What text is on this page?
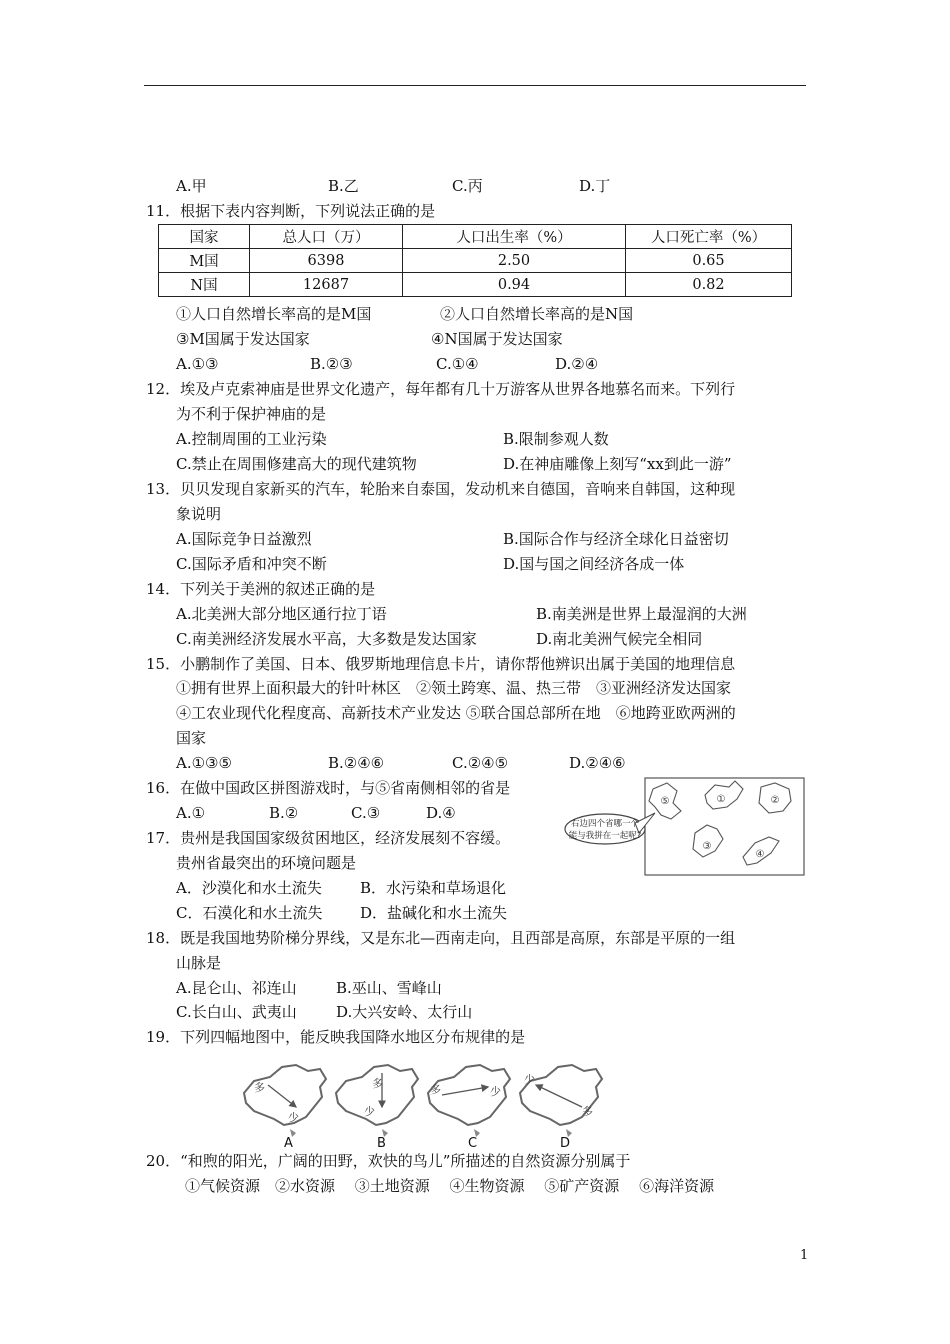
A.甲	B.乙	C.丙	D.丁
11．根据下表内容判断，下列说法正确的是
国家	总人口（万）	人口出生率（%）	人口死亡率（%）
M国	6398	2.50	0.65
N国	12687	0.94	0.82
①人口自然增长率高的是M国	②人口自然增长率高的是N国
③M国属于发达国家	④N国属于发达国家
A.①③	B.②③	C.①④	D.②④
12．埃及卢克索神庙是世界文化遗产，每年都有几十万游客从世界各地慕名而来。下列行
为不利于保护神庙的是
A.控制周围的工业污染	B.限制参观人数
C.禁止在周围修建高大的现代建筑物	D.在神庙雕像上刻写“xx到此一游”
13．贝贝发现自家新买的汽车，轮胎来自泰国，发动机来自德国，音响来自韩国，这种现
象说明
A.国际竞争日益激烈	B.国际合作与经济全球化日益密切
C.国际矛盾和冲突不断	D.国与国之间经济各成一体
14．下列关于美洲的叙述正确的是
A.北美洲大部分地区通行拉丁语	B.南美洲是世界上最湿润的大洲
C.南美洲经济发展水平高，大多数是发达国家	D.南北美洲气候完全相同
15．小鹏制作了美国、日本、俄罗斯地理信息卡片，请你帮他辨识出属于美国的地理信息
①拥有世界上面积最大的针叶林区　②领土跨寒、温、热三带　③亚洲经济发达国家
④工农业现代化程度高、高新技术产业发达 ⑤联合国总部所在地　⑥地跨亚欧两洲的
国家
A.①③⑤	B.②④⑥	C.②④⑤	D.②④⑥
16．在做中国政区拼图游戏时，与⑤省南侧相邻的省是
A.①	B.②	C.③	D.④
右边四个省哪一个
能与我拼在一起呢?
⑤	①	②
③
④
17．贵州是我国国家级贫困地区，经济发展刻不容缓。
贵州省最突出的环境问题是
A．沙漠化和水土流失	B．水污染和草场退化
C．石漠化和水土流失	D．盐碱化和水土流失
18．既是我国地势阶梯分界线，又是东北—西南走向，且西部是高原，东部是平原的一组
山脉是
A.昆仑山、祁连山	B.巫山、雪峰山
C.长白山、武夷山	D.大兴安岭、太行山
19．下列四幅地图中，能反映我国降水地区分布规律的是
多
少
多
少
多	少
少
多
A	B	C	D
20．“和煦的阳光，广阔的田野，欢快的鸟儿”所描述的自然资源分别属于
①气候资源　②水资源　 ③土地资源　 ④生物资源　 ⑤矿产资源　 ⑥海洋资源
1
